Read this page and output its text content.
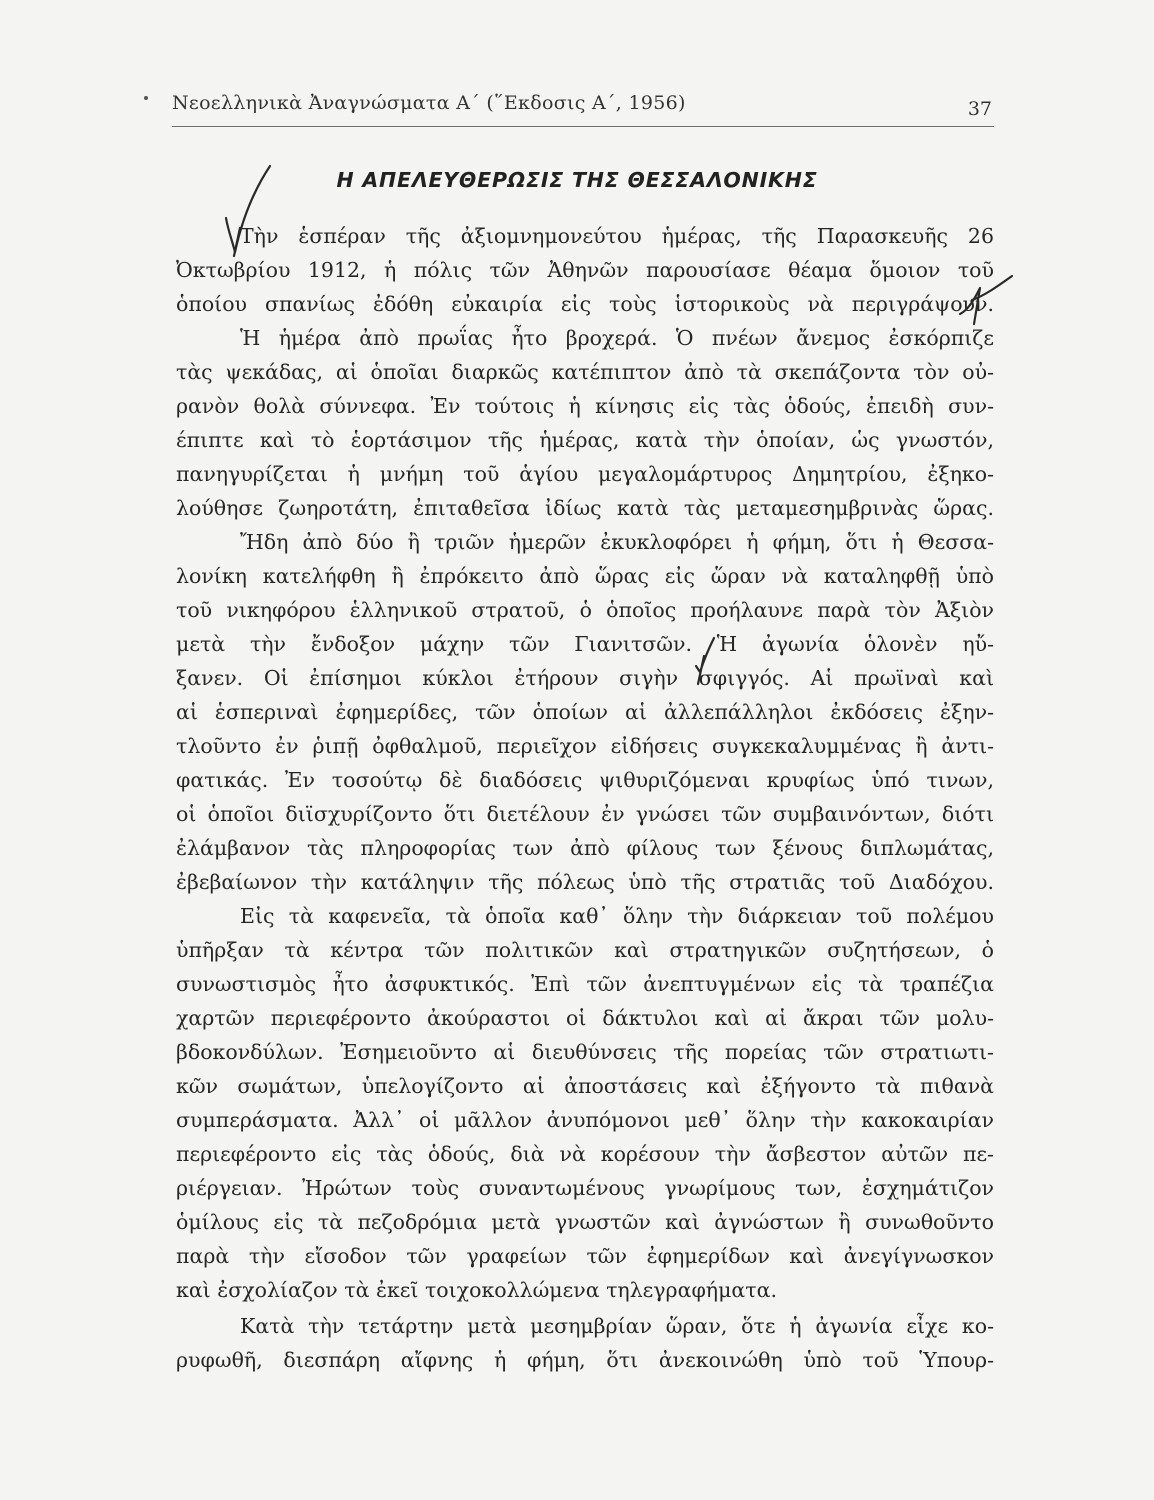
Νεοελληνικὰ Ἀναγνώσματα Α΄ (῞Εκδοσις Α΄, 1956)	37
Η ΑΠΕΛΕΥΘΕΡΩΣΙΣ ΤΗΣ ΘΕΣΣΑΛΟΝΙΚΗΣ
Τὴν ἑσπέραν τῆς ἀξιομνημονεύτου ἡμέρας, τῆς Παρασκευῆς 26
Ὀκτωβρίου 1912, ἡ πόλις τῶν Ἀθηνῶν παρουσίασε θέαμα ὅμοιον τοῦ
ὁποίου σπανίως ἐδόθη εὐκαιρία εἰς τοὺς ἱστορικοὺς νὰ περιγράψουν.
Ἡ ἡμέρα ἀπὸ πρωΐας ἦτο βροχερά. Ὁ πνέων ἄνεμος ἐσκόρπιζε
τὰς ψεκάδας, αἱ ὁποῖαι διαρκῶς κατέπιπτον ἀπὸ τὰ σκεπάζοντα τὸν οὐ-
ρανὸν θολὰ σύννεφα. Ἐν τούτοις ἡ κίνησις εἰς τὰς ὁδούς, ἐπειδὴ συν-
έπιπτε καὶ τὸ ἑορτάσιμον τῆς ἡμέρας, κατὰ τὴν ὁποίαν, ὡς γνωστόν,
πανηγυρίζεται ἡ μνήμη τοῦ ἁγίου μεγαλομάρτυρος Δημητρίου, ἐξηκο-
λούθησε ζωηροτάτη, ἐπιταθεῖσα ἰδίως κατὰ τὰς μεταμεσημβρινὰς ὥρας.
Ἤδη ἀπὸ δύο ἢ τριῶν ἡμερῶν ἐκυκλοφόρει ἡ φήμη, ὅτι ἡ Θεσσα-
λονίκη κατελήφθη ἢ ἐπρόκειτο ἀπὸ ὥρας εἰς ὥραν νὰ καταληφθῇ ὑπὸ
τοῦ νικηφόρου ἑλληνικοῦ στρατοῦ, ὁ ὁποῖος προήλαυνε παρὰ τὸν Ἀξιὸν
μετὰ τὴν ἔνδοξον μάχην τῶν Γιανιτσῶν. Ἡ ἀγωνία ὁλονὲν ηὔ-
ξανεν. Οἱ ἐπίσημοι κύκλοι ἐτήρουν σιγὴν σφιγγός. Αἱ πρωϊναὶ καὶ
αἱ ἑσπεριναὶ ἐφημερίδες, τῶν ὁποίων αἱ ἀλλεπάλληλοι ἐκδόσεις ἐξην-
τλοῦντο ἐν ῥιπῇ ὀφθαλμοῦ, περιεῖχον εἰδήσεις συγκεκαλυμμένας ἢ ἀντι-
φατικάς. Ἐν τοσούτῳ δὲ διαδόσεις ψιθυριζόμεναι κρυφίως ὑπό τινων,
οἱ ὁποῖοι διϊσχυρίζοντο ὅτι διετέλουν ἐν γνώσει τῶν συμβαινόντων, διότι
ἐλάμβανον τὰς πληροφορίας των ἀπὸ φίλους των ξένους διπλωμάτας,
ἐβεβαίωνον τὴν κατάληψιν τῆς πόλεως ὑπὸ τῆς στρατιᾶς τοῦ Διαδόχου.
Εἰς τὰ καφενεῖα, τὰ ὁποῖα καθ᾿ ὅλην τὴν διάρκειαν τοῦ πολέμου
ὑπῆρξαν τὰ κέντρα τῶν πολιτικῶν καὶ στρατηγικῶν συζητήσεων, ὁ
συνωστισμὸς ἦτο ἀσφυκτικός. Ἐπὶ τῶν ἀνεπτυγμένων εἰς τὰ τραπέζια
χαρτῶν περιεφέροντο ἀκούραστοι οἱ δάκτυλοι καὶ αἱ ἄκραι τῶν μολυ-
βδοκονδύλων. Ἐσημειοῦντο αἱ διευθύνσεις τῆς πορείας τῶν στρατιωτι-
κῶν σωμάτων, ὑπελογίζοντο αἱ ἀποστάσεις καὶ ἐξήγοντο τὰ πιθανὰ
συμπεράσματα. Ἀλλ᾿ οἱ μᾶλλον ἀνυπόμονοι μεθ᾿ ὅλην τὴν κακοκαιρίαν
περιεφέροντο εἰς τὰς ὁδούς, διὰ νὰ κορέσουν τὴν ἄσβεστον αὐτῶν πε-
ριέργειαν. Ἠρώτων τοὺς συναντωμένους γνωρίμους των, ἐσχημάτιζον
ὁμίλους εἰς τὰ πεζοδρόμια μετὰ γνωστῶν καὶ ἀγνώστων ἢ συνωθοῦντο
παρὰ τὴν εἴσοδον τῶν γραφείων τῶν ἐφημερίδων καὶ ἀνεγίγνωσκον
καὶ ἐσχολίαζον τὰ ἐκεῖ τοιχοκολλώμενα τηλεγραφήματα.
Κατὰ τὴν τετάρτην μετὰ μεσημβρίαν ὥραν, ὅτε ἡ ἀγωνία εἶχε κο-
ρυφωθῆ, διεσπάρη αἴφνης ἡ φήμη, ὅτι ἀνεκοινώθη ὑπὸ τοῦ Ὑπουρ-
